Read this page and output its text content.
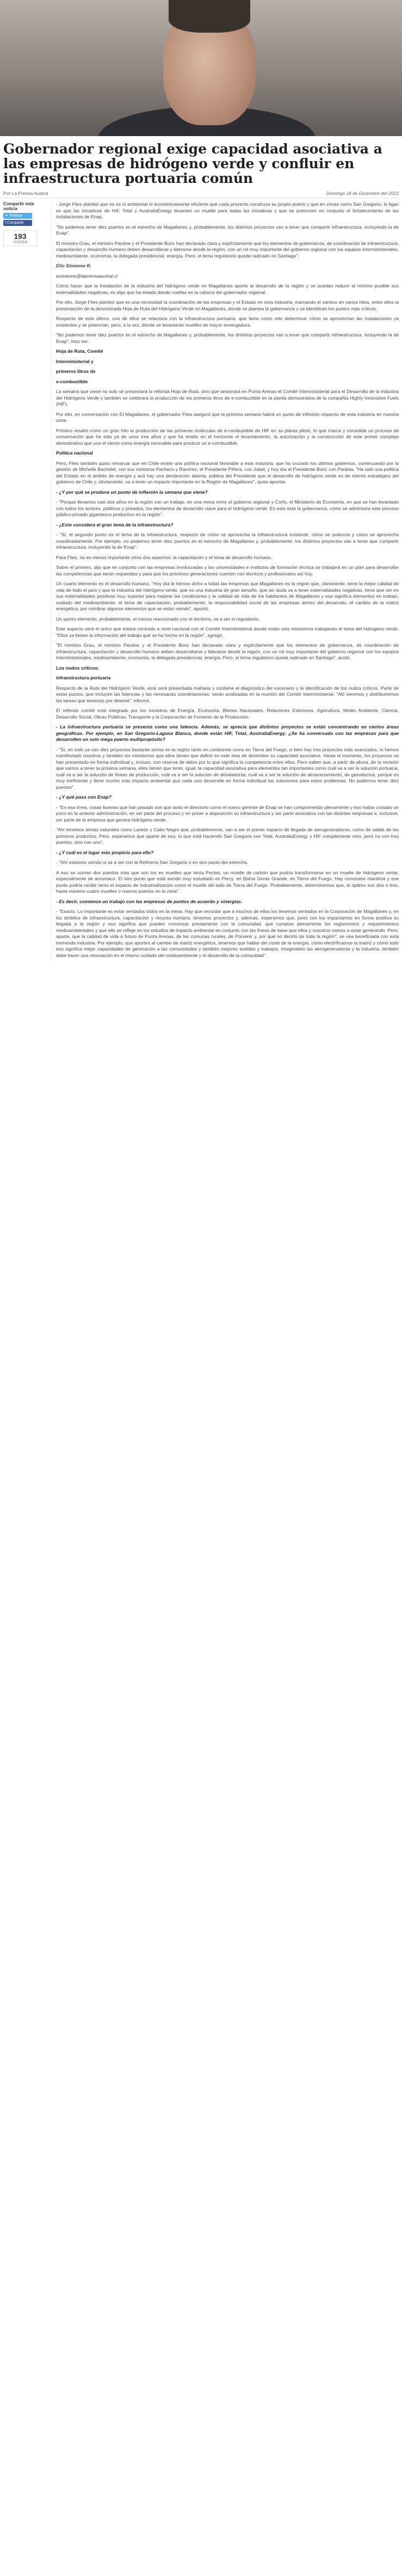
Gobernador regional exige capacidad asociativa a las empresas de hidrógeno verde y confluir en infraestructura portuaria común
Por La Prensa Austral	Domingo 18 de Diciembre del 2022
Compartir esta noticia
✦ Twittear
f Compartir
193
VISITAS

- Jorge Flies planteó que no es ni ambiental ni económicamente eficiente que cada proyecto construya su propio puerto y que en zonas como San Gregorio, lo ligan es que las iniciativas de HIF, Total y AustraliaEnergy levanten un muelle para todas las iniciativas y que se potencien en conjunto el fortalecimiento de las instalaciones de Enap.

"No podemos tener diez puertos en el estrecho de Magallanes y, probablemente, los distintos proyectos van a tener que compartir infraestructura, incluyendo la de Enap".

El ministro Grau, el ministro Pardow y el Presidente Boric han declarado clara y explícitamente que los elementos de gobernanza, de coordinación de infraestructura, capacitación y desarrollo humano deben desarrollarse y liderarse desde la región, con un rol muy importante del gobierno regional con los equipos interministeriales, medioambiente, economía, la delegada presidencial, energía. Pero, el tema regulatorio queda radicado en Santiago".

Elio Simeone R.

esimeone@laprensaaustral.cl

Cómo hacer que la instalación de la industria del hidrógeno verde en Magallanes aporte al desarrollo de la región y se puedan reducir al mínimo posible sus externalidades negativas, es algo que ha estado dando vueltas en la cabeza del gobernador regional.

Por ello, Jorge Flies planteó que es una necesidad la coordinación de las empresas y el Estado en esta industria, marcando el camino en varios hitos, entre ellos la presentación de la denominada Hoja de Ruta del Hidrógeno Verde en Magallanes, donde se plantea la gobernanza y se identifican los puntos más críticos.

Respecto de este último, uno de ellos se relaciona con la infraestructura portuaria, que tiene como reto determinar cómo se aprovechan las instalaciones ya existentes y se potencian, pero, a la vez, dónde se levantarán muelles de mayor envergadura.

"No podemos tener diez puertos en el estrecho de Magallanes y, probablemente, los distintos proyectos van a tener que compartir infraestructura, incluyendo la de Enap", hizo ver.

Hoja de Ruta, Comité

Interministerial y

primeros litros de

e-combustible

La semana que viene no solo se presentará la referida Hoja de Ruta, sino que sesionará en Punta Arenas el Comité Interministerial para el Desarrollo de la Industria del Hidrógeno Verde y también se celebrará la producción de los primeros litros de e-combustible en la planta demostrativa de la compañía Highly Innovative Fuels (HIF).

Por ello, en conversación con El Magallanes, el gobernador Flies aseguró que la próxima semana habrá un punto de inflexión respecto de esta industria en nuestra zona.

Primero resaltó cómo un gran hito la producción de las primeras moléculas de e-combustible de HIF en su planta piloto, lo que marca y consolida un proceso de conversación que ha sido ya de unos tres años y que ha tenido en el horizonte el levantamiento, la autorización y la construcción de este primer complejo demostrativo que una el viento como energía renovable para producir un e-combustible.

Política nacional

Pero, Flies también quiso remarcar que en Chile existe una política nacional favorable a esta industria, que ha cruzado los últimos gobiernos, comenzando por la gestión de Michelle Bachelet, con sus ministros Pacheco y Ramírez; el Presidente Piñera, con Jobet; y hoy día el Presidente Boric con Pardow. "Ha sido una política del Estado en el ámbito de energía y acá hay una declaración abierta, pública del Presidente que el desarrollo de hidrógeno verde es de interés estratégico del gobierno de Chile y, obviamente, va a tener un impacto importante en la Región de Magallanes", quiso apuntar.

- ¿Y por qué se produce un punto de inflexión la semana que viene?

- "Porque llevamos casi dos años en la región con un trabajo, en una mesa entre el gobierno regional y Corfo, el Ministerio de Economía, en que se han levantado con todos los actores, públicos y privados, los elementos de desarrollo clave para el hidrógeno verde. En esto está la gobernanza, cómo se administra este proceso público-privado gigantesco productivo en la región".

- ¿Esto considera el gran tema de la infraestructura?

- "Sí, el segundo punto es el tema de la infraestructura, respecto de cómo se aprovecha la infraestructura existente, cómo se potencia y cómo se aprovecha coordinadamente. Por ejemplo, no podemos tener diez puertos en el estrecho de Magallanes y, probablemente, los distintos proyectos van a tener que compartir infraestructura, incluyendo la de Enap".

Para Flies, no es menos importante otros dos aspectos: la capacitación y el tema de desarrollo humano.

Sobre el primero, dijo que en conjunto con las empresas involucradas y las universidades e institutos de formación técnica se trabajará en un plan para desarrollar las competencias que serán requeridas y para que los próximos generaciones cuenten con técnicos y profesionales así hoy.

Un cuarto elemento es el desarrollo humano. "Hoy día le hemos dicho a todas las empresas que Magallanes es la región que, claramente, tiene la mejor calidad de vida de todo el país y que la industria del hidrógeno verde, que es una industria de gran tamaño, que sin duda va a tener externalidades negativas, tiene que ver en sus externalidades positivas muy superior para mejorar las condiciones y la calidad de vida de los habitantes de Magallanes y eso significa elementos en trabajo, cuidado del medioambiente, el tema de capacitación, probablemente, la responsabilidad social de las empresas dentro del desarrollo, el cambio de la matriz energética, por nombrar algunos elementos que se están viendo", apuntó.

Un quinto elemento, probablemente, el menos reaccionado con el territorio, va a ser el regulatorio.

Este aspecto será el único que estará centrado a nivel nacional con el Comité Interministerial donde están seis ministerios trabajando el tema del hidrógeno verde. "Ellos ya tienen la información del trabajo que se ha hecho en la región", agregó.

"El ministro Grau, el ministro Pardow y el Presidente Boric han declarado clara y explícitamente que los elementos de gobernanza, de coordinación de infraestructura, capacitación y desarrollo humano deben desarrollarse y liderarse desde la región, con un rol muy importante del gobierno regional con los equipos interministeriales, medioambiente, economía, la delegada presidencial, energía. Pero, el tema regulatorio queda radicado en Santiago", acotó.

Los nudos críticos:

infraestructura portuaria

Respecto de la Ruta del Hidrógeno Verde, está será presentada mañana y contiene el diagnóstico del escenario y la identificación de los nudos críticos. Parte de estos puntos, que incluyen las falencias y las necesarias coordinaciones, serán analizadas en la reunión del Comité Interministerial. "Allí veremos y distribuiremos las tareas que tenemos por delante", informó.

El referido comité está integrado por los ministros de Energía, Economía, Bienes Nacionales, Relaciones Exteriores, Agricultura, Medio Ambiente, Ciencia, Desarrollo Social, Obras Públicas, Transporte y la Corporación de Fomento de la Producción.

- La infraestructura portuaria se presenta como una falencia. Además, se aprecia que distintos proyectos se están concentrando en ciertos áreas geográficas. Por ejemplo, en San Gregorio-Laguna Blanca, donde están HIF, Total, AustraliaEnergy. ¿Se ha conversado con las empresas para que desarrollen un solo mega puerto multipropósito?

- "Sí, en todo ya van diez proyectos bastante serios en la región tanto en continente como en Tierra del Fuego, si bien hay tres proyectos más avanzados, lo hemos manifestado nosotros y también los ministerios que ellos tienen que definir en este mes de diciembre su capacidad asociativa. Hasta el momento, los proyectos se han presentado en forma individual y, incluso, con reserva de datos por lo que significa la competencia entre ellos. Pero saben que, a partir de ahora, de la revisión que vamos a tener la próxima semana, ellos tienen que tener, igual, la capacidad asociativa para elementos tan importantes como cuál va a ser la solución portuaria, cuál va a ser la solución de líneas de producción, cuál va a ser la solución de desaladoras, cuál va a ser la solución de almacenamiento, de gasoductos, porque es muy ineficiente y tiene mucho más impacto ambiental que cada uno desarrolle en forma individual las soluciones para estos problemas. No podemos tener diez puertos".

- ¿Y qué pasa con Enap?

- "En esa línea, cosas buenas que han pasado son que tanto el directorio como el nuevo gerente de Enap se han comprometido plenamente y eso había costado un poco en la anterior administración; en ser parte del proceso y en poner a disposición su infraestructura y ser parte asociativa con las distintas empresas e, inclusive, ser parte de la empresa que genera hidrógeno verde.

"Ahí tenemos temas naturales como Laredo y Cabo Negro que, probablemente, van a ser el primer espacio de llegada de aerogeneradores, como de salida de los primeros productos. Pero, esperamos que aparte de eso, lo que está haciendo San Gregorio con Total, AustraliaEnergy y HIF complemente esto, pero no con tres puertos, sino con uno".

- ¿Y cuál es el lugar más propicio para ello?

- "Ahí estamos viendo si va a ser con la Refinería San Gregorio o en otro punto del estrecho.

A eso se suman dos puertos más que son los ex muelles que tenía Pecket, un muelle de carbón que podría transformarse en un muelle de hidrógeno verde, especialmente de amoníaco. El otro punto que está siendo muy estudiado es Percy, en Bahía Gente Grande, en Tierra del Fuego. Hay concesión marítima y ese punto podría recibir tanto el espacio de industrialización como el muelle del lado de Tierra del Fuego. Probablemente, determinemos que, lo óptimo son dos o tres, hasta máximo cuatro muelles o nuevos puertos en la zona".

- Es decir, comience un trabajo con las empresas de puntos de acuerdo y sinergias.

- "Exacto. Lo importante es estar sentados todos en la mesa. Hay que recordar que a muchos de ellos los tenemos sentados en la Corporación de Magallanes y, en los ámbitos de infraestructura, capacitación y recurso humano, tenemos proyectos y, además, esperamos que, junto con los impactamos en forma positiva su llegada a la región y eso significa que pueden conversar previamente con la comunidad, que cumplan plenamente los reglamentos y requerimientos medioambientales y que ello se refleje en los estudios de impacto ambiental en conjunto con las líneas de base que ellos y nosotros vamos a estar generando. Pero, aparte, que la calidad de vida a futuro de Punta Arenas, de las comunas rurales, de Porvenir y, por qué no decirlo de toda la región", se vea beneficiada con esta tremenda industria. Por ejemplo, que aporten al cambio de matriz energética, tenemos que hablar del costo de la energía, cómo electrificamos la matriz y cómo todo eso significa mejor capacidades de generación a las comunidades y también mejores sueldos y trabajos. Imaginatelo las aerogeneradoras y la industria; también debe hacer una renovación en el mismo cuidado del medioambiente y el desarrollo de la comunidad".
